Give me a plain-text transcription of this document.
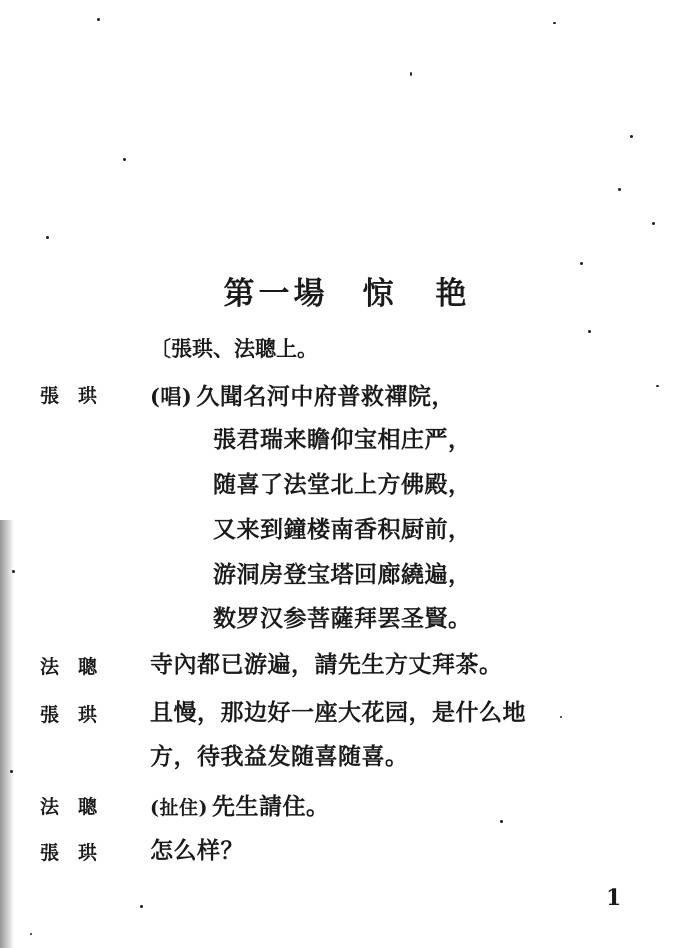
第一場 惊艳
〔張珙、法聰上。
張　珙	(唱) 久聞名河中府普救禪院，
張君瑞来瞻仰宝相庄严，
随喜了法堂北上方佛殿，
又来到鐘楼南香积厨前，
游洞房登宝塔回廊繞遍，
数罗汉参菩薩拜罢圣賢。
法　聰 寺內都已游遍，請先生方丈拜茶。
張　珙 且慢，那边好一座大花园，是什么地
方，待我益发随喜随喜。
法　聰	(扯住) 先生請住。
張　珙 怎么样？
1
